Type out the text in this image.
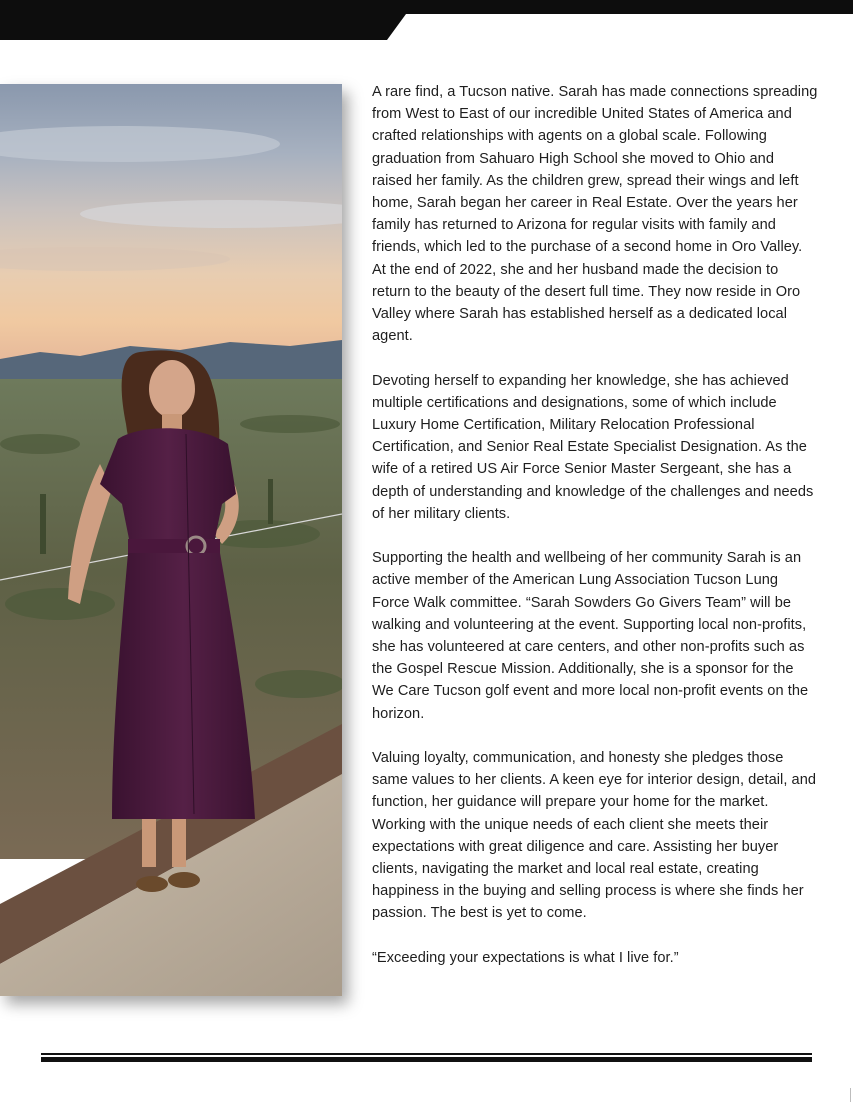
A rare find, a Tucson native. Sarah has made connections spreading from West to East of our incredible United States of America and crafted relationships with agents on a global scale. Following graduation from Sahuaro High School she moved to Ohio and raised her family. As the children grew, spread their wings and left home, Sarah began her career in Real Estate. Over the years her family has returned to Arizona for regular visits with family and friends, which led to the purchase of a second home in Oro Valley. At the end of 2022, she and her husband made the decision to return to the beauty of the desert full time. They now reside in Oro Valley where Sarah has established herself as a dedicated local agent.

Devoting herself to expanding her knowledge, she has achieved multiple certifications and designations, some of which include Luxury Home Certification, Military Relocation Professional Certification, and Senior Real Estate Specialist Designation. As the wife of a retired US Air Force Senior Master Sergeant, she has a depth of understanding and knowledge of the challenges and needs of her military clients.

Supporting the health and wellbeing of her community Sarah is an active member of the American Lung Association Tucson Lung Force Walk committee. “Sarah Sowders Go Givers Team” will be walking and volunteering at the event. Supporting local non-profits, she has volunteered at care centers, and other non-profits such as the Gospel Rescue Mission. Additionally, she is a sponsor for the We Care Tucson golf event and more local non-profit events on the horizon.

Valuing loyalty, communication, and honesty she pledges those same values to her clients. A keen eye for interior design, detail, and function, her guidance will prepare your home for the market. Working with the unique needs of each client she meets their expectations with great diligence and care. Assisting her buyer clients, navigating the market and local real estate, creating happiness in the buying and selling process is where she finds her passion. The best is yet to come.

“Exceeding your expectations is what I live for.”
